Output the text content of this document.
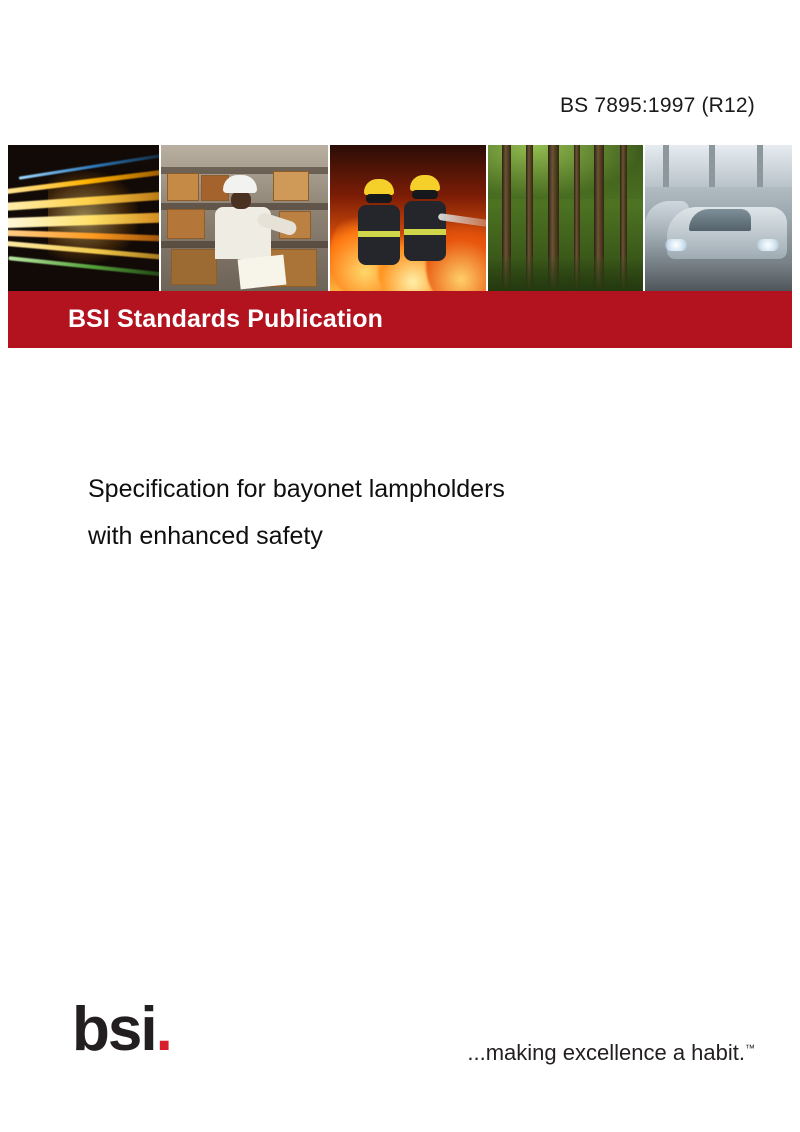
BS 7895:1997 (R12)
BSI Standards Publication
Specification for bayonet lampholders
with enhanced safety
bsi.	...making excellence a habit.™
